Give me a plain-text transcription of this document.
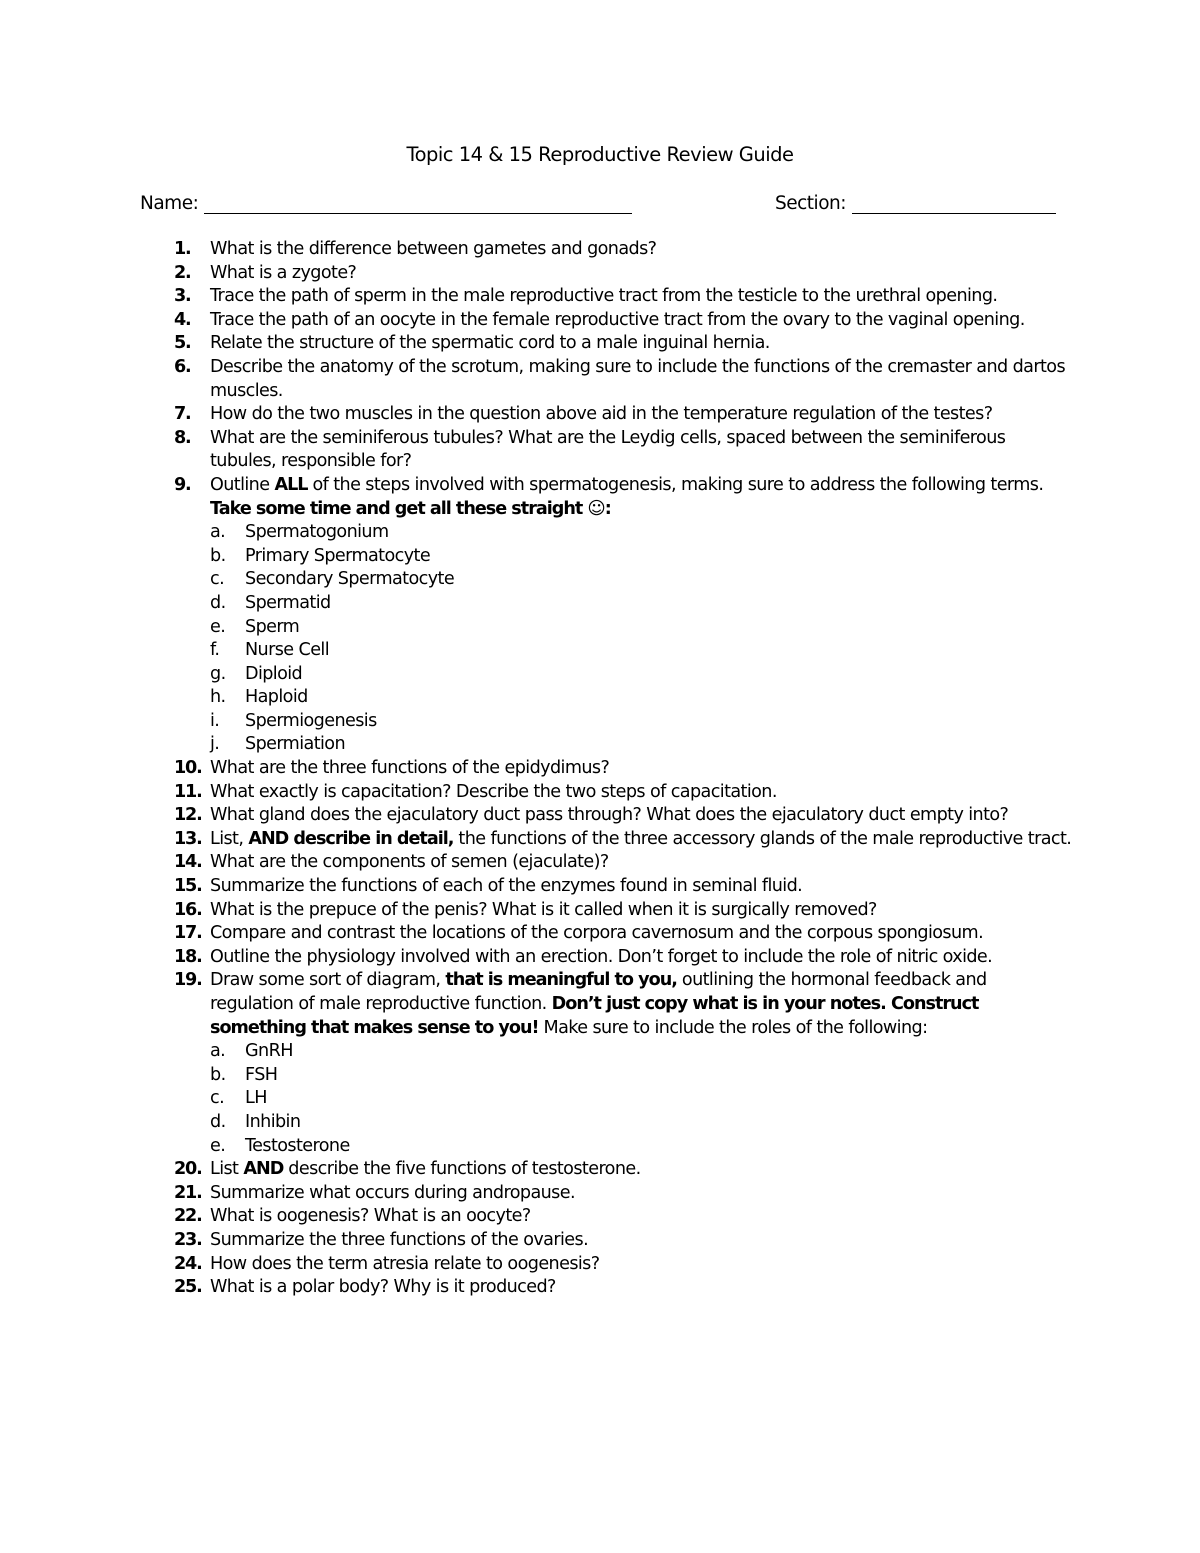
Topic 14 & 15 Reproductive Review Guide
Name:	Section:
1. What is the difference between gametes and gonads?
2. What is a zygote?
3. Trace the path of sperm in the male reproductive tract from the testicle to the urethral opening.
4. Trace the path of an oocyte in the female reproductive tract from the ovary to the vaginal opening.
5. Relate the structure of the spermatic cord to a male inguinal hernia.
6. Describe the anatomy of the scrotum, making sure to include the functions of the cremaster and dartos muscles.
7. How do the two muscles in the question above aid in the temperature regulation of the testes?
8. What are the seminiferous tubules? What are the Leydig cells, spaced between the seminiferous tubules, responsible for?
9. Outline ALL of the steps involved with spermatogenesis, making sure to address the following terms. Take some time and get all these straight ☺:
a. Spermatogonium
b. Primary Spermatocyte
c. Secondary Spermatocyte
d. Spermatid
e. Sperm
f. Nurse Cell
g. Diploid
h. Haploid
i. Spermiogenesis
j. Spermiation
10. What are the three functions of the epidydimus?
11. What exactly is capacitation? Describe the two steps of capacitation.
12. What gland does the ejaculatory duct pass through? What does the ejaculatory duct empty into?
13. List, AND describe in detail, the functions of the three accessory glands of the male reproductive tract.
14. What are the components of semen (ejaculate)?
15. Summarize the functions of each of the enzymes found in seminal fluid.
16. What is the prepuce of the penis? What is it called when it is surgically removed?
17. Compare and contrast the locations of the corpora cavernosum and the corpous spongiosum.
18. Outline the physiology involved with an erection. Don’t forget to include the role of nitric oxide.
19. Draw some sort of diagram, that is meaningful to you, outlining the hormonal feedback and regulation of male reproductive function. Don’t just copy what is in your notes. Construct something that makes sense to you! Make sure to include the roles of the following:
a. GnRH
b. FSH
c. LH
d. Inhibin
e. Testosterone
20. List AND describe the five functions of testosterone.
21. Summarize what occurs during andropause.
22. What is oogenesis? What is an oocyte?
23. Summarize the three functions of the ovaries.
24. How does the term atresia relate to oogenesis?
25. What is a polar body? Why is it produced?
